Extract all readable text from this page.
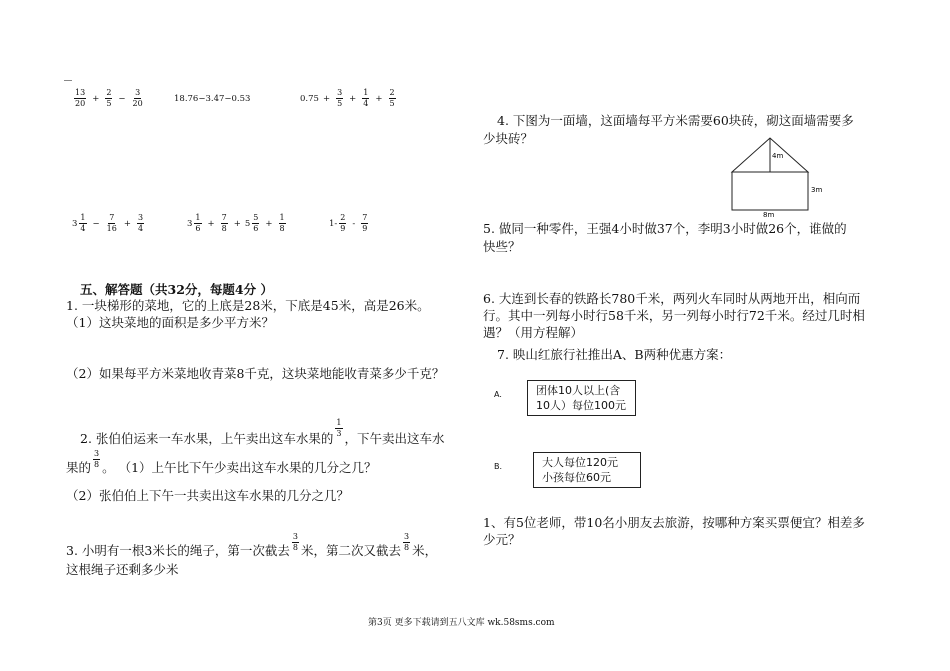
$\frac{13}{20} + \frac{2}{5} - \frac{3}{20}$	18.76−3.47−0.53	$0.75 + \frac{3}{5} + \frac{1}{4} + \frac{2}{5}$
$3 \frac{1}{4} - \frac{7}{16} + \frac{3}{4}$	$3 \frac{1}{6} + \frac{7}{8} + 5 \frac{5}{6} + \frac{1}{8}$	$1- \frac{2}{9} - \frac{7}{9}$
五、解答题（共32分，每题4分 ）
1. 一块梯形的菜地，它的上底是28米，下底是45米，高是26米。
（1）这块菜地的面积是多少平方米？
（2）如果每平方米菜地收青菜8千克，这块菜地能收青菜多少千克？
2. 张伯伯运来一车水果，上午卖出这车水果的 $\frac{1}{3}$ ，下午卖出这车水
果的 $\frac{3}{8}$ 。 （1）上午比下午少卖出这车水果的几分之几？
（2）张伯伯上下午一共卖出这车水果的几分之几？
3. 小明有一根3米长的绳子，第一次截去 $\frac{3}{8}$ 米，第二次又截去 $\frac{3}{8}$ 米，
这根绳子还剩多少米
4. 下图为一面墙，这面墙每平方米需要60块砖，砌这面墙需要多
少块砖？
4m
3m
8m
5. 做同一种零件，王强4小时做37个，李明3小时做26个，谁做的
快些？
6. 大连到长春的铁路长780千米，两列火车同时从两地开出，相向而
行。其中一列每小时行58千米，另一列每小时行72千米。经过几时相
遇？（用方程解）
7. 映山红旅行社推出A、B两种优惠方案：
A.	团体10人以上(含
10人）每位100元
B.	大人每位120元
小孩每位60元
1、有5位老师，带10名小朋友去旅游，按哪种方案买票便宜？相差多
少元？
第3页 更多下载请到五八文库 wk.58sms.com
